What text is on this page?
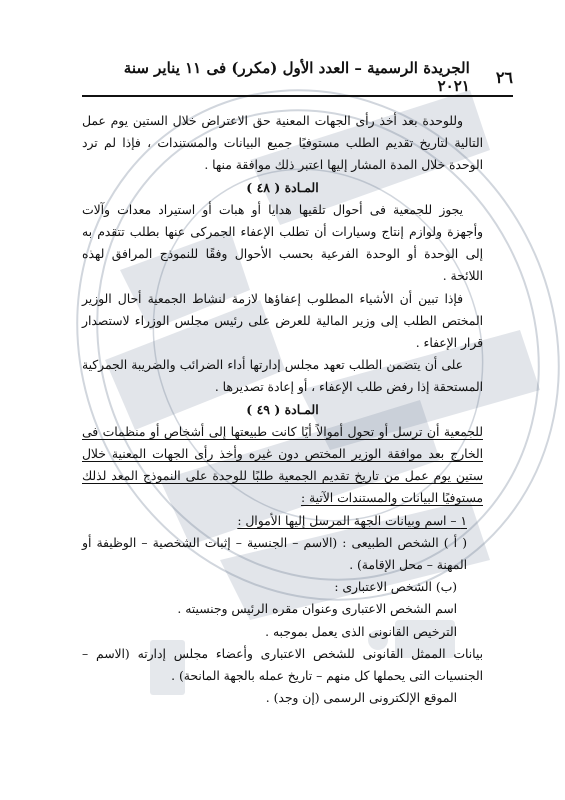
٢٦
الجريدة الرسمية – العدد الأول (مكرر) فى ١١ يناير سنة ٢٠٢١

وللوحدة بعد أخذ رأى الجهات المعنية حق الاعتراض خلال الستين يوم عمل التالية لتاريخ تقديم الطلب مستوفيًا جميع البيانات والمستندات ، فإذا لم ترد الوحدة خلال المدة المشار إليها اعتبر ذلك موافقة منها .

المـادة ( ٤٨ )

يجوز للجمعية فى أحوال تلقيها هدايا أو هبات أو استيراد معدات وآلات وأجهزة ولوازم إنتاج وسيارات أن تطلب الإعفاء الجمركى عنها بطلب تتقدم به إلى الوحدة أو الوحدة الفرعية بحسب الأحوال وفقًا للنموذج المرافق لهذه اللائحة .

فإذا تبين أن الأشياء المطلوب إعفاؤها لازمة لنشاط الجمعية أحال الوزير المختص الطلب إلى وزير المالية للعرض على رئيس مجلس الوزراء لاستصدار قرار الإعفاء .

على أن يتضمن الطلب تعهد مجلس إدارتها أداء الضرائب والضريبة الجمركية المستحقة إذا رفض طلب الإعفاء ، أو إعادة تصديرها .

المـادة ( ٤٩ )

للجمعية أن ترسل أو تحول أموالاً أيًا كانت طبيعتها إلى أشخاص أو منظمات فى الخارج بعد موافقة الوزير المختص دون غيره وأخذ رأى الجهات المعنية خلال ستين يوم عمل من تاريخ تقديم الجمعية طلبًا للوحدة على النموذج المعد لذلك مستوفيًا البيانات والمستندات الآتية :

١ – اسم وبيانات الجهة المرسل إليها الأموال :

( أ ) الشخص الطبيعى : (الاسم – الجنسية – إثبات الشخصية – الوظيفة أو المهنة – محل الإقامة) .

(ب) الشخص الاعتبارى :

اسم الشخص الاعتبارى وعنوان مقره الرئيس وجنسيته .

الترخيص القانونى الذى يعمل بموجبه .

بيانات الممثل القانونى للشخص الاعتبارى وأعضاء مجلس إدارته (الاسم – الجنسيات التى يحملها كل منهم – تاريخ عمله بالجهة المانحة) .

الموقع الإلكترونى الرسمى (إن وجد) .
